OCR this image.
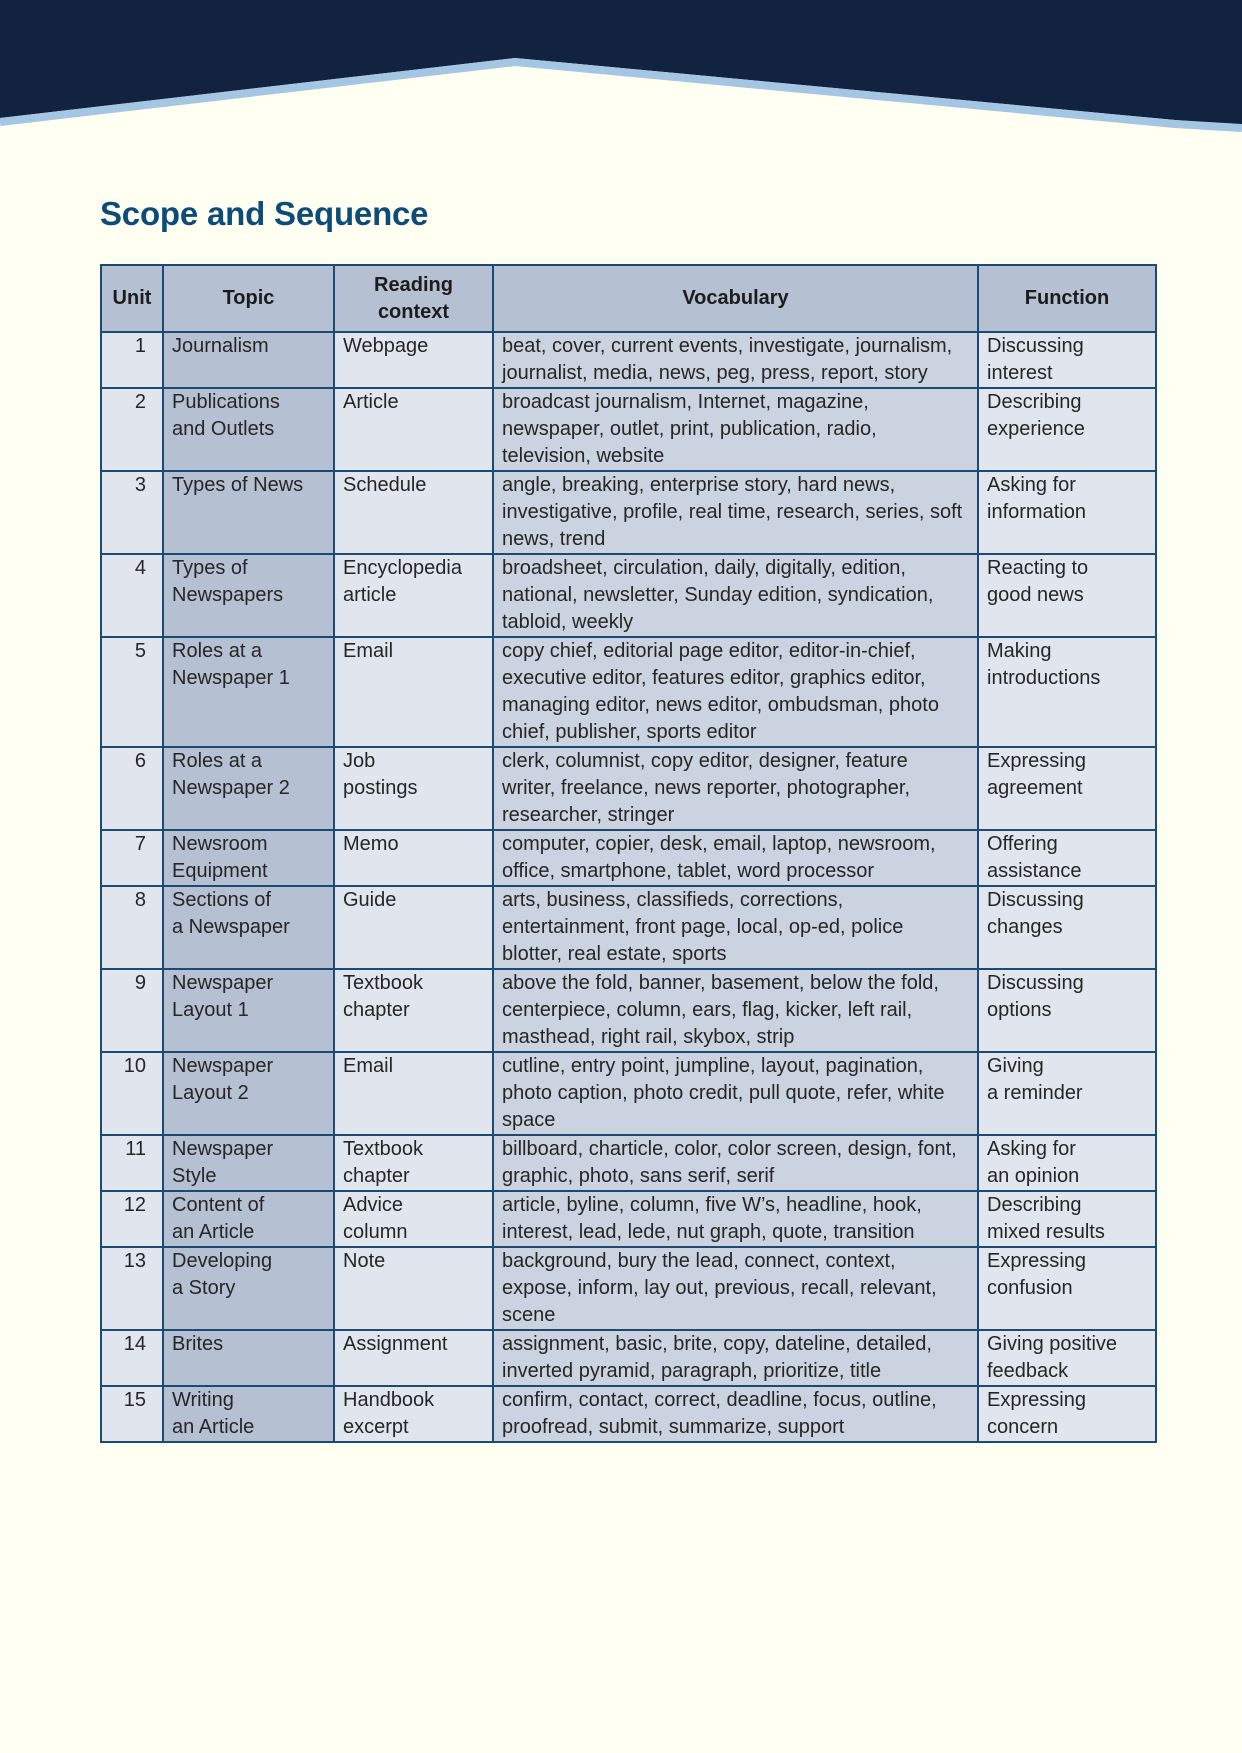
Scope and Sequence
Unit	Topic	Reading
context	Vocabulary	Function
1	Journalism	Webpage	beat, cover, current events, investigate, journalism,
journalist, media, news, peg, press, report, story	Discussing
interest

2	Publications
and Outlets	Article	broadcast journalism, Internet, magazine,
newspaper, outlet, print, publication, radio,
television, website	Describing
experience

3	Types of News	Schedule	angle, breaking, enterprise story, hard news,
investigative, profile, real time, research, series, soft
news, trend	Asking for
information

4	Types of
Newspapers	Encyclopedia
article	broadsheet, circulation, daily, digitally, edition,
national, newsletter, Sunday edition, syndication,
tabloid, weekly	Reacting to
good news

5	Roles at a
Newspaper 1	Email	copy chief, editorial page editor, editor-in-chief,
executive editor, features editor, graphics editor,
managing editor, news editor, ombudsman, photo
chief, publisher, sports editor	Making
introductions

6	Roles at a
Newspaper 2	Job
postings	clerk, columnist, copy editor, designer, feature
writer, freelance, news reporter, photographer,
researcher, stringer	Expressing
agreement

7	Newsroom
Equipment	Memo	computer, copier, desk, email, laptop, newsroom,
office, smartphone, tablet, word processor	Offering
assistance

8	Sections of
a Newspaper	Guide	arts, business, classifieds, corrections,
entertainment, front page, local, op-ed, police
blotter, real estate, sports	Discussing
changes

9	Newspaper
Layout 1	Textbook
chapter	above the fold, banner, basement, below the fold,
centerpiece, column, ears, flag, kicker, left rail,
masthead, right rail, skybox, strip	Discussing
options

10	Newspaper
Layout 2	Email	cutline, entry point, jumpline, layout, pagination,
photo caption, photo credit, pull quote, refer, white
space	Giving
a reminder

11	Newspaper
Style	Textbook
chapter	billboard, charticle, color, color screen, design, font,
graphic, photo, sans serif, serif	Asking for
an opinion

12	Content of
an Article	Advice
column	article, byline, column, five W’s, headline, hook,
interest, lead, lede, nut graph, quote, transition	Describing
mixed results

13	Developing
a Story	Note	background, bury the lead, connect, context,
expose, inform, lay out, previous, recall, relevant,
scene	Expressing
confusion

14	Brites	Assignment	assignment, basic, brite, copy, dateline, detailed,
inverted pyramid, paragraph, prioritize, title	Giving positive
feedback

15	Writing
an Article	Handbook
excerpt	confirm, contact, correct, deadline, focus, outline,
proofread, submit, summarize, support	Expressing
concern
